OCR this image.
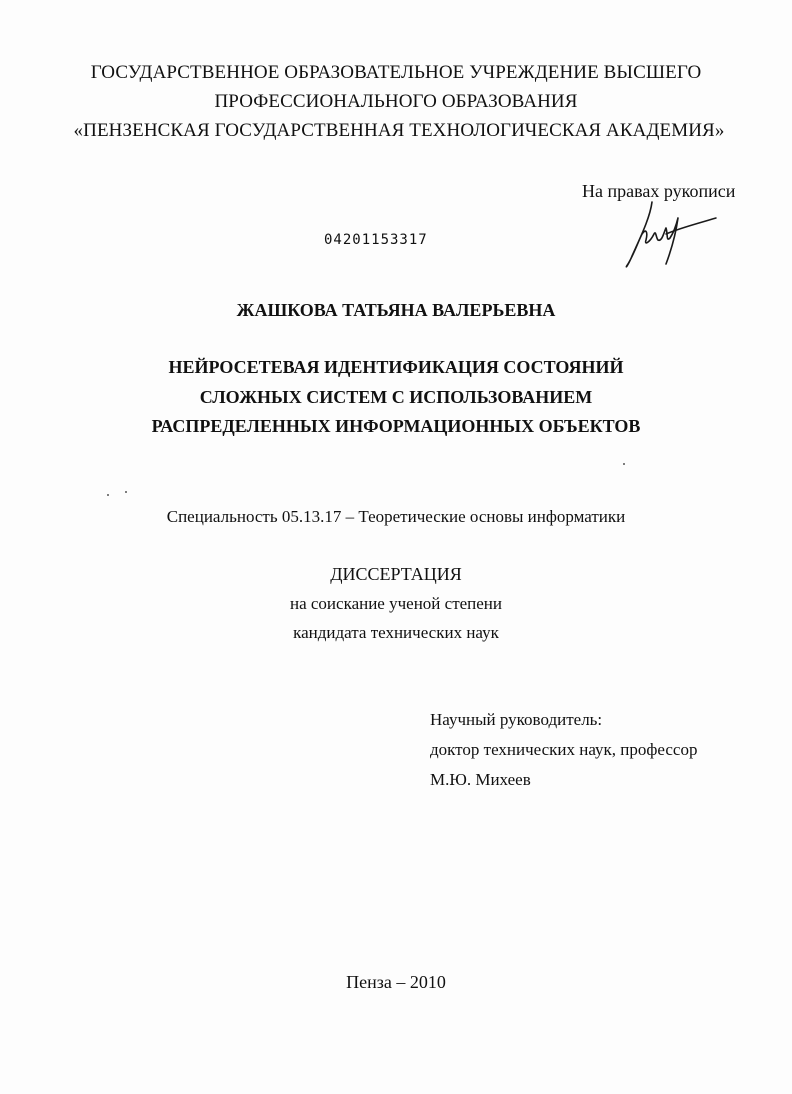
ГОСУДАРСТВЕННОЕ ОБРАЗОВАТЕЛЬНОЕ УЧРЕЖДЕНИЕ ВЫСШЕГО
ПРОФЕССИОНАЛЬНОГО ОБРАЗОВАНИЯ
«ПЕНЗЕНСКАЯ ГОСУДАРСТВЕННАЯ ТЕХНОЛОГИЧЕСКАЯ АКАДЕМИЯ»
На правах рукописи
04201153317
ЖАШКОВА ТАТЬЯНА ВАЛЕРЬЕВНА
НЕЙРОСЕТЕВАЯ ИДЕНТИФИКАЦИЯ СОСТОЯНИЙ
СЛОЖНЫХ СИСТЕМ С ИСПОЛЬЗОВАНИЕМ
РАСПРЕДЕЛЕННЫХ ИНФОРМАЦИОННЫХ ОБЪЕКТОВ
Специальность 05.13.17 – Теоретические основы информатики
ДИССЕРТАЦИЯ
на соискание ученой степени
кандидата технических наук
Научный руководитель:
доктор технических наук, профессор
М.Ю. Михеев
Пенза – 2010
